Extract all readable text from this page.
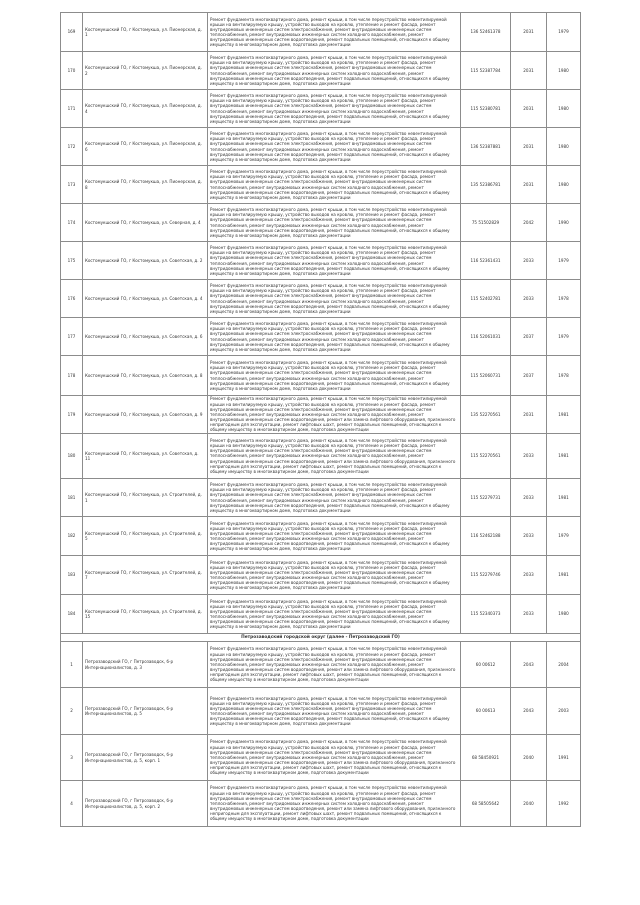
169	Костомукшский ГО, г Костомукша, ул. Пионерская, д. 1	Ремонт фундамента многоквартирного дома, ремонт крыши, в том числе переустройство невентилируемой крыши на вентилируемую крышу, устройство выходов на кровлю, утепление и ремонт фасада, ремонт внутридомовых инженерных систем электроснабжения, ремонт внутридомовых инженерных систем теплоснабжения, ремонт внутридомовых инженерных систем холодного водоснабжения, ремонт внутридомовых инженерных систем водоотведения, ремонт подвальных помещений, относящихся к общему имуществу в многоквартирном доме, подготовка документации	136 52461378	2031	1979
170	Костомукшский ГО, г Костомукша, ул. Пионерская, д. 2	Ремонт фундамента многоквартирного дома, ремонт крыши, в том числе переустройство невентилируемой крыши на вентилируемую крышу, устройство выходов на кровлю, утепление и ремонт фасада, ремонт внутридомовых инженерных систем электроснабжения, ремонт внутридомовых инженерных систем теплоснабжения, ремонт внутридомовых инженерных систем холодного водоснабжения, ремонт внутридомовых инженерных систем водоотведения, ремонт подвальных помещений, относящихся к общему имуществу в многоквартирном доме, подготовка документации	115 52387784	2031	1980
171	Костомукшский ГО, г Костомукша, ул. Пионерская, д. 4	Ремонт фундамента многоквартирного дома, ремонт крыши, в том числе переустройство невентилируемой крыши на вентилируемую крышу, устройство выходов на кровлю, утепление и ремонт фасада, ремонт внутридомовых инженерных систем электроснабжения, ремонт внутридомовых инженерных систем теплоснабжения, ремонт внутридомовых инженерных систем холодного водоснабжения, ремонт внутридомовых инженерных систем водоотведения, ремонт подвальных помещений, относящихся к общему имуществу в многоквартирном доме, подготовка документации	115 52380781	2031	1980
172	Костомукшский ГО, г Костомукша, ул. Пионерская, д. 6	Ремонт фундамента многоквартирного дома, ремонт крыши, в том числе переустройство невентилируемой крыши на вентилируемую крышу, устройство выходов на кровлю, утепление и ремонт фасада, ремонт внутридомовых инженерных систем электроснабжения, ремонт внутридомовых инженерных систем теплоснабжения, ремонт внутридомовых инженерных систем холодного водоснабжения, ремонт внутридомовых инженерных систем водоотведения, ремонт подвальных помещений, относящихся к общему имуществу в многоквартирном доме, подготовка документации	136 52387881	2031	1980
173	Костомукшский ГО, г Костомукша, ул. Пионерская, д. 8	Ремонт фундамента многоквартирного дома, ремонт крыши, в том числе переустройство невентилируемой крыши на вентилируемую крышу, устройство выходов на кровлю, утепление и ремонт фасада, ремонт внутридомовых инженерных систем электроснабжения, ремонт внутридомовых инженерных систем теплоснабжения, ремонт внутридомовых инженерных систем холодного водоснабжения, ремонт внутридомовых инженерных систем водоотведения, ремонт подвальных помещений, относящихся к общему имуществу в многоквартирном доме, подготовка документации	135 52386781	2031	1980
174	Костомукшский ГО, г Костомукша, ул. Северная, д. 4	Ремонт фундамента многоквартирного дома, ремонт крыши, в том числе переустройство невентилируемой крыши на вентилируемую крышу, устройство выходов на кровлю, утепление и ремонт фасада, ремонт внутридомовых инженерных систем электроснабжения, ремонт внутридомовых инженерных систем теплоснабжения, ремонт внутридомовых инженерных систем холодного водоснабжения, ремонт внутридомовых инженерных систем водоотведения, ремонт подвальных помещений, относящихся к общему имуществу в многоквартирном доме, подготовка документации	75 51502829	2042	1990
175	Костомукшский ГО, г Костомукша, ул. Советская, д. 2	Ремонт фундамента многоквартирного дома, ремонт крыши, в том числе переустройство невентилируемой крыши на вентилируемую крышу, устройство выходов на кровлю, утепление и ремонт фасада, ремонт внутридомовых инженерных систем электроснабжения, ремонт внутридомовых инженерных систем теплоснабжения, ремонт внутридомовых инженерных систем холодного водоснабжения, ремонт внутридомовых инженерных систем водоотведения, ремонт подвальных помещений, относящихся к общему имуществу в многоквартирном доме, подготовка документации	116 52361431	2033	1979
176	Костомукшский ГО, г Костомукша, ул. Советская, д. 4	Ремонт фундамента многоквартирного дома, ремонт крыши, в том числе переустройство невентилируемой крыши на вентилируемую крышу, устройство выходов на кровлю, утепление и ремонт фасада, ремонт внутридомовых инженерных систем электроснабжения, ремонт внутридомовых инженерных систем теплоснабжения, ремонт внутридомовых инженерных систем холодного водоснабжения, ремонт внутридомовых инженерных систем водоотведения, ремонт подвальных помещений, относящихся к общему имуществу в многоквартирном доме, подготовка документации	115 52402781	2033	1978
177	Костомукшский ГО, г Костомукша, ул. Советская, д. 6	Ремонт фундамента многоквартирного дома, ремонт крыши, в том числе переустройство невентилируемой крыши на вентилируемую крышу, устройство выходов на кровлю, утепление и ремонт фасада, ремонт внутридомовых инженерных систем электроснабжения, ремонт внутридомовых инженерных систем теплоснабжения, ремонт внутридомовых инженерных систем холодного водоснабжения, ремонт внутридомовых инженерных систем водоотведения, ремонт подвальных помещений, относящихся к общему имуществу в многоквартирном доме, подготовка документации	116 52061031	2037	1979
178	Костомукшский ГО, г Костомукша, ул. Советская, д. 8	Ремонт фундамента многоквартирного дома, ремонт крыши, в том числе переустройство невентилируемой крыши на вентилируемую крышу, устройство выходов на кровлю, утепление и ремонт фасада, ремонт внутридомовых инженерных систем электроснабжения, ремонт внутридомовых инженерных систем теплоснабжения, ремонт внутридомовых инженерных систем холодного водоснабжения, ремонт внутридомовых инженерных систем водоотведения, ремонт подвальных помещений, относящихся к общему имуществу в многоквартирном доме, подготовка документации	115 52060731	2037	1978
179	Костомукшский ГО, г Костомукша, ул. Советская, д. 9	Ремонт фундамента многоквартирного дома, ремонт крыши, в том числе переустройство невентилируемой крыши на вентилируемую крышу, устройство выходов на кровлю, утепление и ремонт фасада, ремонт внутридомовых инженерных систем электроснабжения, ремонт внутридомовых инженерных систем теплоснабжения, ремонт внутридомовых инженерных систем холодного водоснабжения, ремонт внутридомовых инженерных систем водоотведения, ремонт или замена лифтового оборудования, признанного непригодным для эксплуатации, ремонт лифтовых шахт, ремонт подвальных помещений, относящихся к общему имуществу в многоквартирном доме, подготовка документации	135 52270561	2031	1981
180	Костомукшский ГО, г Костомукша, ул. Советская, д. 11	Ремонт фундамента многоквартирного дома, ремонт крыши, в том числе переустройство невентилируемой крыши на вентилируемую крышу, устройство выходов на кровлю, утепление и ремонт фасада, ремонт внутридомовых инженерных систем электроснабжения, ремонт внутридомовых инженерных систем теплоснабжения, ремонт внутридомовых инженерных систем холодного водоснабжения, ремонт внутридомовых инженерных систем водоотведения, ремонт или замена лифтового оборудования, признанного непригодным для эксплуатации, ремонт лифтовых шахт, ремонт подвальных помещений, относящихся к общему имуществу в многоквартирном доме, подготовка документации	115 52270561	2033	1981
181	Костомукшский ГО, г Костомукша, ул. Строителей, д. 1	Ремонт фундамента многоквартирного дома, ремонт крыши, в том числе переустройство невентилируемой крыши на вентилируемую крышу, устройство выходов на кровлю, утепление и ремонт фасада, ремонт внутридомовых инженерных систем электроснабжения, ремонт внутридомовых инженерных систем теплоснабжения, ремонт внутридомовых инженерных систем холодного водоснабжения, ремонт внутридомовых инженерных систем водоотведения, ремонт подвальных помещений, относящихся к общему имуществу в многоквартирном доме, подготовка документации	115 52279731	2033	1981
182	Костомукшский ГО, г Костомукша, ул. Строителей, д. 5	Ремонт фундамента многоквартирного дома, ремонт крыши, в том числе переустройство невентилируемой крыши на вентилируемую крышу, устройство выходов на кровлю, утепление и ремонт фасада, ремонт внутридомовых инженерных систем электроснабжения, ремонт внутридомовых инженерных систем теплоснабжения, ремонт внутридомовых инженерных систем холодного водоснабжения, ремонт внутридомовых инженерных систем водоотведения, ремонт подвальных помещений, относящихся к общему имуществу в многоквартирном доме, подготовка документации	116 52462188	2033	1979
183	Костомукшский ГО, г Костомукша, ул. Строителей, д. 7	Ремонт фундамента многоквартирного дома, ремонт крыши, в том числе переустройство невентилируемой крыши на вентилируемую крышу, устройство выходов на кровлю, утепление и ремонт фасада, ремонт внутридомовых инженерных систем электроснабжения, ремонт внутридомовых инженерных систем теплоснабжения, ремонт внутридомовых инженерных систем холодного водоснабжения, ремонт внутридомовых инженерных систем водоотведения, ремонт подвальных помещений, относящихся к общему имуществу в многоквартирном доме, подготовка документации	115 52279746	2033	1981
184	Костомукшский ГО, г Костомукша, ул. Строителей, д. 15	Ремонт фундамента многоквартирного дома, ремонт крыши, в том числе переустройство невентилируемой крыши на вентилируемую крышу, устройство выходов на кровлю, утепление и ремонт фасада, ремонт внутридомовых инженерных систем электроснабжения, ремонт внутридомовых инженерных систем теплоснабжения, ремонт внутридомовых инженерных систем холодного водоснабжения, ремонт внутридомовых инженерных систем водоотведения, ремонт подвальных помещений, относящихся к общему имуществу в многоквартирном доме, подготовка документации	115 52340373	2033	1980
Петрозаводский городской округ (далее - Петрозаводский ГО)					
1	Петрозаводский ГО, г Петрозаводск, б-р Интернационалистов, д. 3	Ремонт фундамента многоквартирного дома, ремонт крыши, в том числе переустройство невентилируемой крыши на вентилируемую крышу, устройство выходов на кровлю, утепление и ремонт фасада, ремонт внутридомовых инженерных систем электроснабжения, ремонт внутридомовых инженерных систем теплоснабжения, ремонт внутридомовых инженерных систем холодного водоснабжения, ремонт внутридомовых инженерных систем водоотведения, ремонт или замена лифтового оборудования, признанного непригодным для эксплуатации, ремонт лифтовых шахт, ремонт подвальных помещений, относящихся к общему имуществу в многоквартирном доме, подготовка документации	60 00612	2043	2004
2	Петрозаводский ГО, г Петрозаводск, б-р Интернационалистов, д. 5	Ремонт фундамента многоквартирного дома, ремонт крыши, в том числе переустройство невентилируемой крыши на вентилируемую крышу, устройство выходов на кровлю, утепление и ремонт фасада, ремонт внутридомовых инженерных систем электроснабжения, ремонт внутридомовых инженерных систем теплоснабжения, ремонт внутридомовых инженерных систем холодного водоснабжения, ремонт внутридомовых инженерных систем водоотведения, ремонт подвальных помещений, относящихся к общему имуществу в многоквартирном доме, подготовка документации	60 00613	2043	2003
3	Петрозаводский ГО, г Петрозаводск, б-р Интернационалистов, д. 5, корп. 1	Ремонт фундамента многоквартирного дома, ремонт крыши, в том числе переустройство невентилируемой крыши на вентилируемую крышу, устройство выходов на кровлю, утепление и ремонт фасада, ремонт внутридомовых инженерных систем электроснабжения, ремонт внутридомовых инженерных систем теплоснабжения, ремонт внутридомовых инженерных систем холодного водоснабжения, ремонт внутридомовых инженерных систем водоотведения, ремонт или замена лифтового оборудования, признанного непригодным для эксплуатации, ремонт лифтовых шахт, ремонт подвальных помещений, относящихся к общему имуществу в многоквартирном доме, подготовка документации	68 58450921	2040	1991
4	Петрозаводский ГО, г Петрозаводск, б-р Интернационалистов, д. 5, корп. 2	Ремонт фундамента многоквартирного дома, ремонт крыши, в том числе переустройство невентилируемой крыши на вентилируемую крышу, устройство выходов на кровлю, утепление и ремонт фасада, ремонт внутридомовых инженерных систем электроснабжения, ремонт внутридомовых инженерных систем теплоснабжения, ремонт внутридомовых инженерных систем холодного водоснабжения, ремонт внутридомовых инженерных систем водоотведения, ремонт или замена лифтового оборудования, признанного непригодным для эксплуатации, ремонт лифтовых шахт, ремонт подвальных помещений, относящихся к общему имуществу в многоквартирном доме, подготовка документации	68 58505642	2040	1992
